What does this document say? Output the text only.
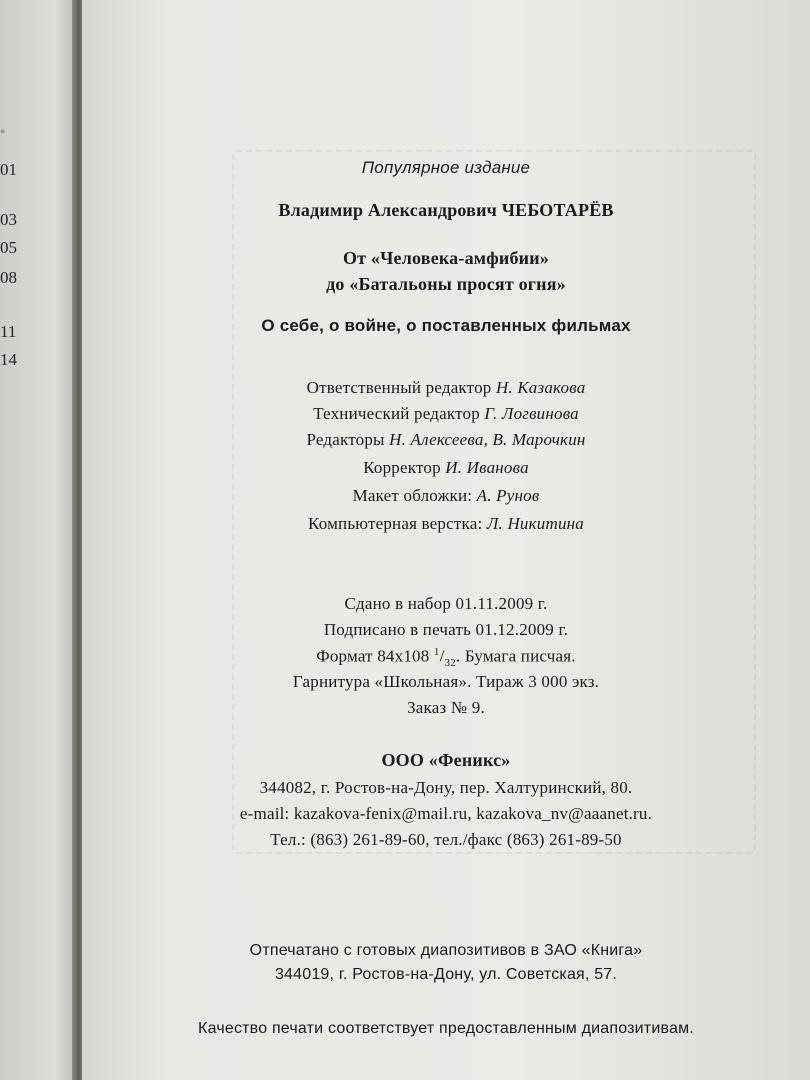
▪
01
03
05
08
11
14
Популярное издание
Владимир Александрович ЧЕБОТАРЁВ
От «Человека-амфибии»
до «Батальоны просят огня»
О себе, о войне, о поставленных фильмах
Ответственный редактор Н. Казакова
Технический редактор Г. Логвинова
Редакторы Н. Алексеева, В. Марочкин
Корректор И. Иванова
Макет обложки: А. Рунов
Компьютерная верстка: Л. Никитина
Сдано в набор 01.11.2009 г.
Подписано в печать 01.12.2009 г.
Формат 84x108 $^1/_{32}$. Бумага писчая.
Гарнитура «Школьная». Тираж 3 000 экз.
Заказ № 9.
ООО «Феникс»
344082, г. Ростов-на-Дону, пер. Халтуринский, 80.
e-mail: kazakova-fenix@mail.ru, kazakova_nv@aaanet.ru.
Тел.: (863) 261-89-60, тел./факс (863) 261-89-50
Отпечатано с готовых диапозитивов в ЗАО «Книга»
344019, г. Ростов-на-Дону, ул. Советская, 57.
Качество печати соответствует предоставленным диапозитивам.
